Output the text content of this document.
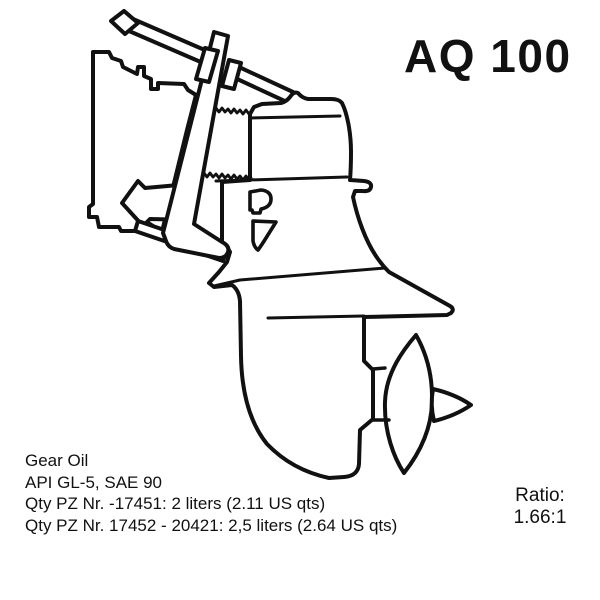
AQ 100
Gear Oil
API GL-5, SAE 90
Qty PZ Nr. -17451: 2 liters (2.11 US qts)
Qty PZ Nr. 17452 - 20421: 2,5 liters (2.64 US qts)
Ratio:
1.66:1
